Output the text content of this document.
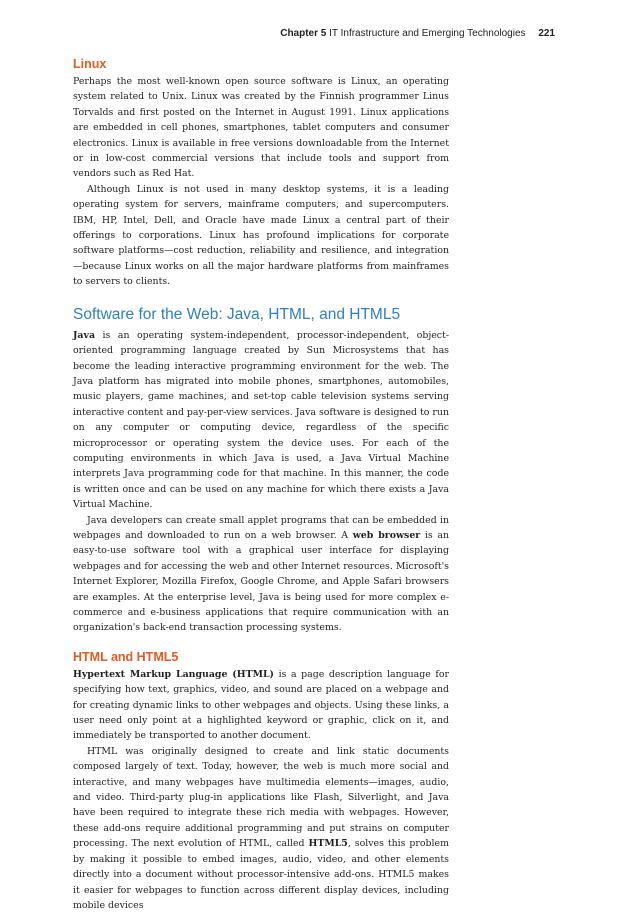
Chapter 5 IT Infrastructure and Emerging Technologies 221
Linux

Perhaps the most well-known open source software is Linux, an operating system related to Unix. Linux was created by the Finnish programmer Linus Torvalds and first posted on the Internet in August 1991. Linux applications are embedded in cell phones, smartphones, tablet computers and consumer electronics. Linux is available in free versions downloadable from the Internet or in low-cost commercial versions that include tools and support from vendors such as Red Hat.

Although Linux is not used in many desktop systems, it is a leading operating system for servers, mainframe computers, and supercomputers. IBM, HP, Intel, Dell, and Oracle have made Linux a central part of their offerings to corporations. Linux has profound implications for corporate software platforms—cost reduction, reliability and resilience, and integration—because Linux works on all the major hardware platforms from mainframes to servers to clients.

Software for the Web: Java, HTML, and HTML5

Java is an operating system-independent, processor-independent, object-oriented programming language created by Sun Microsystems that has become the leading interactive programming environment for the web. The Java platform has migrated into mobile phones, smartphones, automobiles, music players, game machines, and set-top cable television systems serving interactive content and pay-per-view services. Java software is designed to run on any computer or computing device, regardless of the specific microprocessor or operating system the device uses. For each of the computing environments in which Java is used, a Java Virtual Machine interprets Java programming code for that machine. In this manner, the code is written once and can be used on any machine for which there exists a Java Virtual Machine.

Java developers can create small applet programs that can be embedded in webpages and downloaded to run on a web browser. A web browser is an easy-to-use software tool with a graphical user interface for displaying webpages and for accessing the web and other Internet resources. Microsoft's Internet Explorer, Mozilla Firefox, Google Chrome, and Apple Safari browsers are examples. At the enterprise level, Java is being used for more complex e-commerce and e-business applications that require communication with an organization's back-end transaction processing systems.

HTML and HTML5

Hypertext Markup Language (HTML) is a page description language for specifying how text, graphics, video, and sound are placed on a webpage and for creating dynamic links to other webpages and objects. Using these links, a user need only point at a highlighted keyword or graphic, click on it, and immediately be transported to another document.

HTML was originally designed to create and link static documents composed largely of text. Today, however, the web is much more social and interactive, and many webpages have multimedia elements—images, audio, and video. Third-party plug-in applications like Flash, Silverlight, and Java have been required to integrate these rich media with webpages. However, these add-ons require additional programming and put strains on computer processing. The next evolution of HTML, called HTML5, solves this problem by making it possible to embed images, audio, video, and other elements directly into a document without processor-intensive add-ons. HTML5 makes it easier for webpages to function across different display devices, including mobile devices
